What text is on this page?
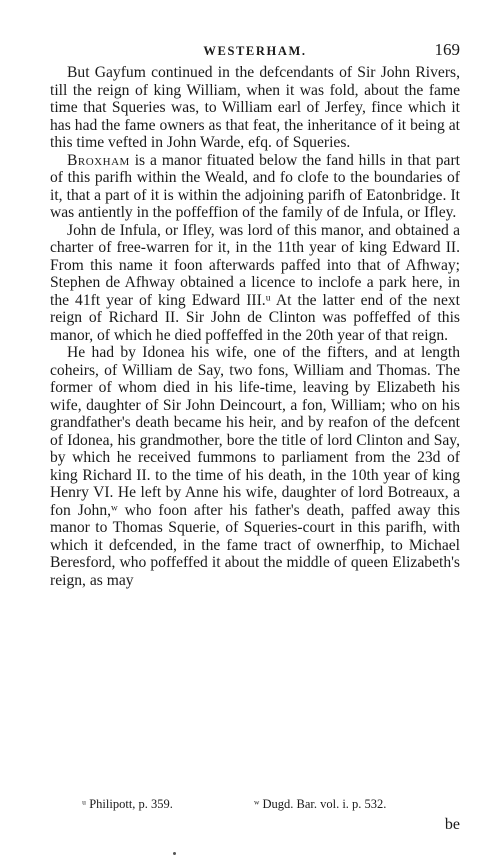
WESTERHAM.	169

But Gayfum continued in the defcendants of Sir John Rivers, till the reign of king William, when it was fold, about the fame time that Squeries was, to William earl of Jerfey, fince which it has had the fame owners as that feat, the inheritance of it being at this time vefted in John Warde, efq. of Squeries.

Broxham is a manor fituated below the fand hills in that part of this parifh within the Weald, and fo clofe to the boundaries of it, that a part of it is within the adjoining parifh of Eatonbridge. It was antiently in the poffeffion of the family of de Infula, or Ifley.

John de Infula, or Ifley, was lord of this manor, and obtained a charter of free-warren for it, in the 11th year of king Edward II. From this name it foon afterwards paffed into that of Afhway; Stephen de Afhway obtained a licence to inclofe a park here, in the 41ft year of king Edward III.ᵘ At the latter end of the next reign of Richard II. Sir John de Clinton was poffeffed of this manor, of which he died poffeffed in the 20th year of that reign.

He had by Idonea his wife, one of the fifters, and at length coheirs, of William de Say, two fons, William and Thomas. The former of whom died in his life-time, leaving by Elizabeth his wife, daughter of Sir John Deincourt, a fon, William; who on his grandfather's death became his heir, and by reafon of the defcent of Idonea, his grandmother, bore the title of lord Clinton and Say, by which he received fummons to parliament from the 23d of king Richard II. to the time of his death, in the 10th year of king Henry VI. He left by Anne his wife, daughter of lord Botreaux, a fon John,ʷ who foon after his father's death, paffed away this manor to Thomas Squerie, of Squeries-court in this parifh, with which it defcended, in the fame tract of ownerfhip, to Michael Beresford, who poffeffed it about the middle of queen Elizabeth's reign, as may

ᵘ Philipott, p. 359.	ʷ Dugd. Bar. vol. i. p. 532.
be
